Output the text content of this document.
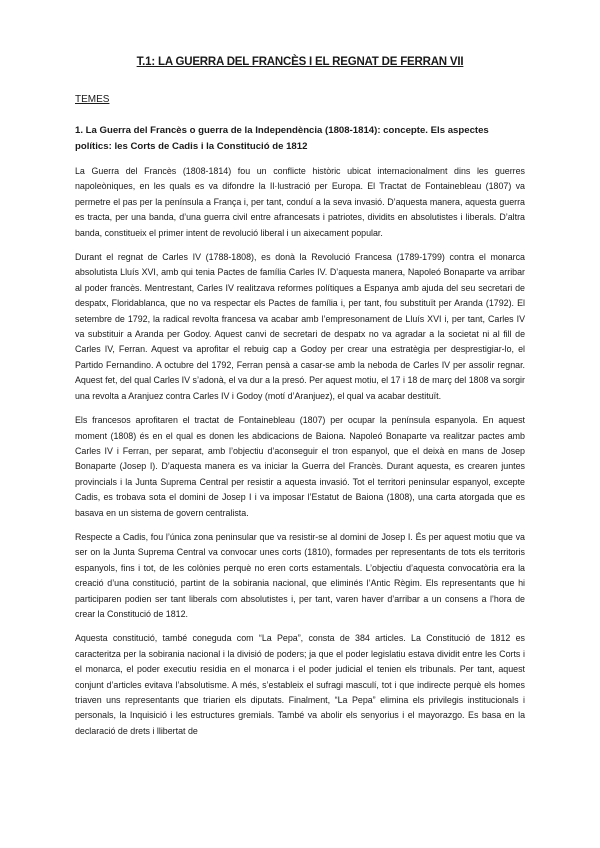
T.1: LA GUERRA DEL FRANCÈS I EL REGNAT DE FERRAN VII
TEMES
1. La Guerra del Francès o guerra de la Independència (1808-1814): concepte. Els aspectes polítics: les Corts de Cadis i la Constitució de 1812

La Guerra del Francès (1808-1814) fou un conflicte històric ubicat internacionalment dins les guerres napoleòniques, en les quals es va difondre la Il·lustració per Europa. El Tractat de Fontainebleau (1807) va permetre el pas per la península a França i, per tant, conduí a la seva invasió. D’aquesta manera, aquesta guerra es tracta, per una banda, d’una guerra civil entre afrancesats i patriotes, dividits en absolutistes i liberals. D’altra banda, constitueix el primer intent de revolució liberal i un aixecament popular.

Durant el regnat de Carles IV (1788-1808), es donà la Revolució Francesa (1789-1799) contra el monarca absolutista Lluís XVI, amb qui tenia Pactes de família Carles IV. D’aquesta manera, Napoleó Bonaparte va arribar al poder francès. Mentrestant, Carles IV realitzava reformes polítiques a Espanya amb ajuda del seu secretari de despatx, Floridablanca, que no va respectar els Pactes de família i, per tant, fou substituït per Aranda (1792). El setembre de 1792, la radical revolta francesa va acabar amb l’empresonament de Lluís XVI i, per tant, Carles IV va substituir a Aranda per Godoy. Aquest canvi de secretari de despatx no va agradar a la societat ni al fill de Carles IV, Ferran. Aquest va aprofitar el rebuig cap a Godoy per crear una estratègia per desprestigiar-lo, el Partido Fernandino. A octubre del 1792, Ferran pensà a casar-se amb la neboda de Carles IV per assolir regnar. Aquest fet, del qual Carles IV s’adonà, el va dur a la presó. Per aquest motiu, el 17 i 18 de març del 1808 va sorgir una revolta a Aranjuez contra Carles IV i Godoy (motí d’Aranjuez), el qual va acabar destituït.

Els francesos aprofitaren el tractat de Fontainebleau (1807) per ocupar la península espanyola. En aquest moment (1808) és en el qual es donen les abdicacions de Baiona. Napoleó Bonaparte va realitzar pactes amb Carles IV i Ferran, per separat, amb l’objectiu d’aconseguir el tron espanyol, que el deixà en mans de Josep Bonaparte (Josep I). D’aquesta manera es va iniciar la Guerra del Francès. Durant aquesta, es crearen juntes provincials i la Junta Suprema Central per resistir a aquesta invasió. Tot el territori peninsular espanyol, excepte Cadis, es trobava sota el domini de Josep I i va imposar l’Estatut de Baiona (1808), una carta atorgada que es basava en un sistema de govern centralista.

Respecte a Cadis, fou l’única zona peninsular que va resistir-se al domini de Josep I. És per aquest motiu que va ser on la Junta Suprema Central va convocar unes corts (1810), formades per representants de tots els territoris espanyols, fins i tot, de les colònies perquè no eren corts estamentals. L’objectiu d’aquesta convocatòria era la creació d’una constitució, partint de la sobirania nacional, que eliminés l’Antic Règim. Els representants que hi participaren podien ser tant liberals com absolutistes i, per tant, varen haver d’arribar a un consens a l’hora de crear la Constitució de 1812.

Aquesta constitució, també coneguda com “La Pepa”, consta de 384 articles. La Constitució de 1812 es caracteritza per la sobirania nacional i la divisió de poders; ja que el poder legislatiu estava dividit entre les Corts i el monarca, el poder executiu residia en el monarca i el poder judicial el tenien els tribunals. Per tant, aquest conjunt d’articles evitava l’absolutisme. A més, s’estableix el sufragi masculí, tot i que indirecte perquè els homes triaven uns representants que triarien els diputats. Finalment, “La Pepa” elimina els privilegis institucionals i personals, la Inquisició i les estructures gremials. També va abolir els senyorius i el mayorazgo. Es basa en la declaració de drets i llibertat de
